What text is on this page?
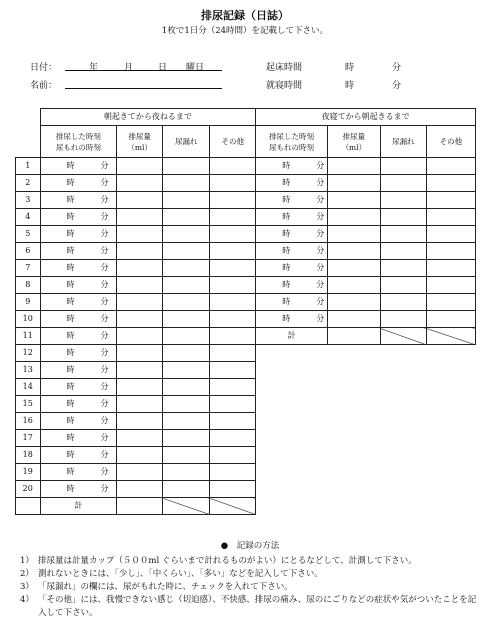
排尿記録（日誌）
1枚で1日分（24時間）を記載して下さい。
日付：	年	月	日 曜日
名前：
起床時間	時	分
就寝時間	時	分
	朝起きてから夜ねるまで				夜寝てから朝起きるまで			
	排尿した時刻
尿もれの時刻	排尿量
（ml）	尿漏れ	その他	排尿した時刻
尿もれの時刻	排尿量
（ml）	尿漏れ	その他
1	時 分				時 分			
2	時 分				時 分			
3	時 分				時 分			
4	時 分				時 分			
5	時 分				時 分			
6	時 分				時 分			
7	時 分				時 分			
8	時 分				時 分			
9	時 分				時 分			
10	時 分				時 分			
11	時 分				計			
12	時 分							
13	時 分							
14	時 分							
15	時 分							
16	時 分							
17	時 分							
18	時 分							
19	時 分							
20	時 分							
	計							
●　記録の方法
1） 排尿量は計量カップ（５００ml ぐらいまで計れるものがよい）にとるなどして、計測して下さい。
2） 測れないときには、「少し」、「中くらい」、「多い」などを記入して下さい。
3） 「尿漏れ」の欄には、尿がもれた時に、チェックを入れて下さい。
4） 「その他」には、我慢できない感じ（切迫感）、不快感、排尿の痛み、尿のにごりなどの症状や気がついたことを記入して下さい。
